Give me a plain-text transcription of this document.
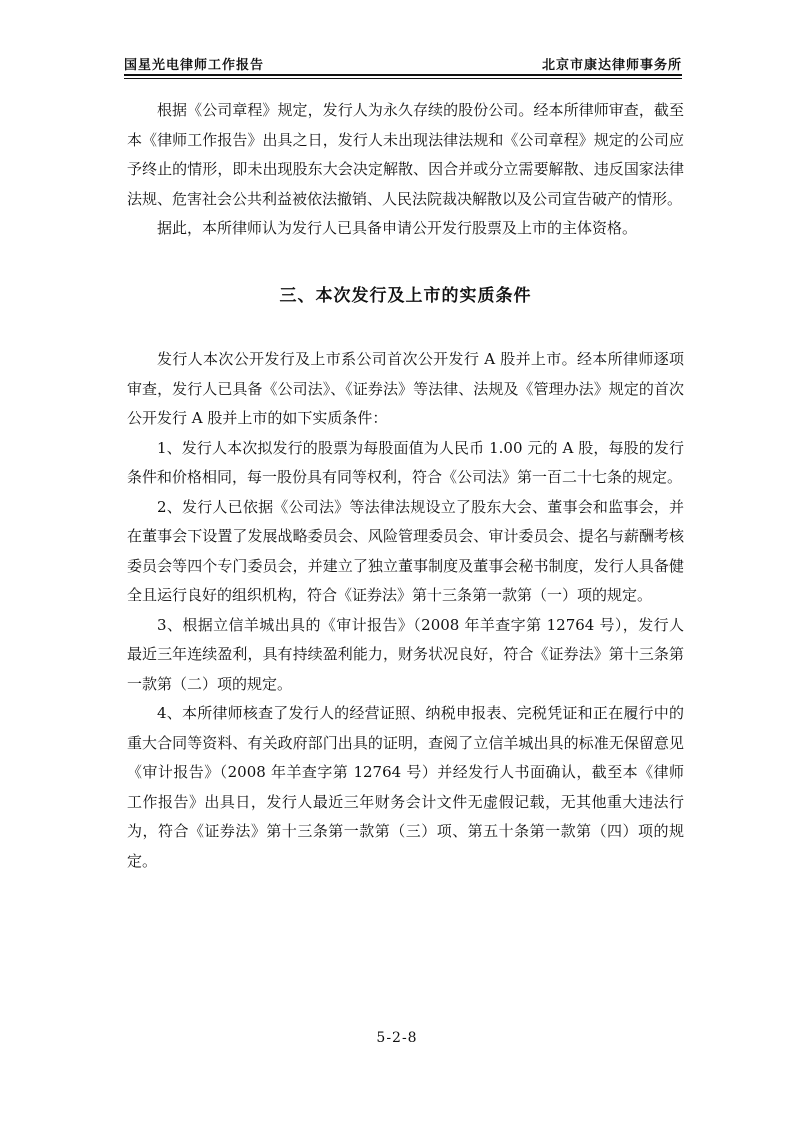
国星光电律师工作报告	北京市康达律师事务所

根据《公司章程》规定，发行人为永久存续的股份公司。经本所律师审查，截至本《律师工作报告》出具之日，发行人未出现法律法规和《公司章程》规定的公司应予终止的情形，即未出现股东大会决定解散、因合并或分立需要解散、违反国家法律法规、危害社会公共利益被依法撤销、人民法院裁决解散以及公司宣告破产的情形。

据此，本所律师认为发行人已具备申请公开发行股票及上市的主体资格。

三、本次发行及上市的实质条件

发行人本次公开发行及上市系公司首次公开发行 A 股并上市。经本所律师逐项审查，发行人已具备《公司法》、《证券法》等法律、法规及《管理办法》规定的首次公开发行 A 股并上市的如下实质条件：

1、发行人本次拟发行的股票为每股面值为人民币 1.00 元的 A 股，每股的发行条件和价格相同，每一股份具有同等权利，符合《公司法》第一百二十七条的规定。

2、发行人已依据《公司法》等法律法规设立了股东大会、董事会和监事会，并在董事会下设置了发展战略委员会、风险管理委员会、审计委员会、提名与薪酬考核委员会等四个专门委员会，并建立了独立董事制度及董事会秘书制度，发行人具备健全且运行良好的组织机构，符合《证券法》第十三条第一款第（一）项的规定。

3、根据立信羊城出具的《审计报告》（2008 年羊查字第 12764 号），发行人最近三年连续盈利，具有持续盈利能力，财务状况良好，符合《证券法》第十三条第一款第（二）项的规定。

4、本所律师核查了发行人的经营证照、纳税申报表、完税凭证和正在履行中的重大合同等资料、有关政府部门出具的证明，查阅了立信羊城出具的标准无保留意见《审计报告》（2008 年羊查字第 12764 号）并经发行人书面确认，截至本《律师工作报告》出具日，发行人最近三年财务会计文件无虚假记载，无其他重大违法行为，符合《证券法》第十三条第一款第（三）项、第五十条第一款第（四）项的规定。

5-2-8
